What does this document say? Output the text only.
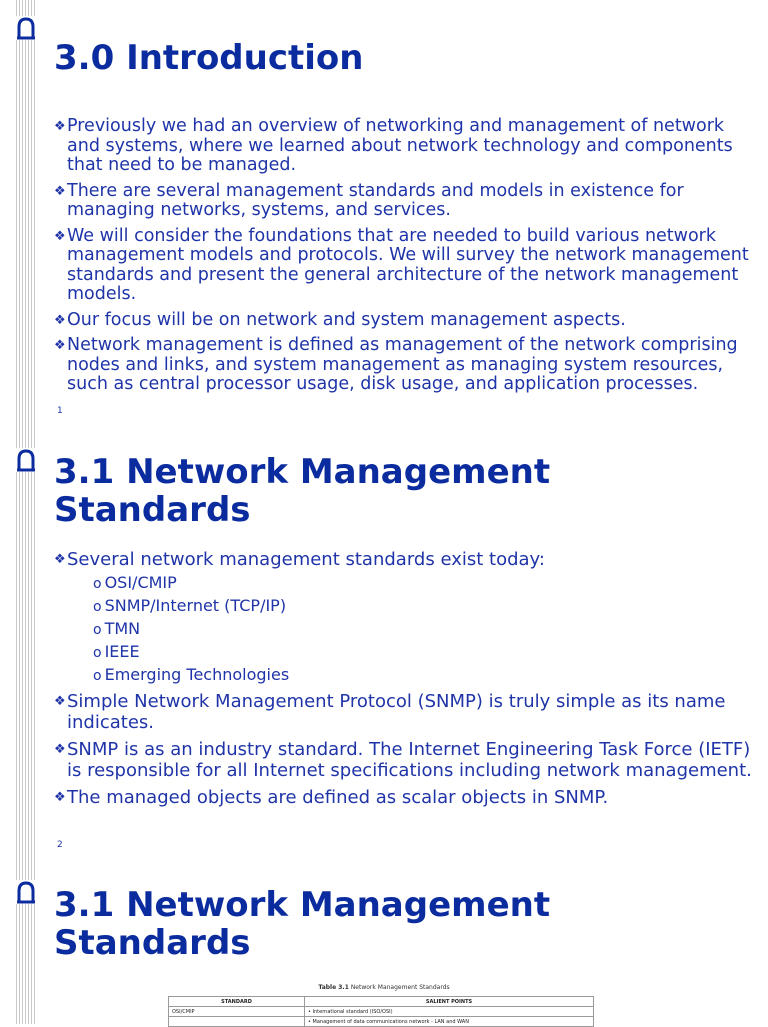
3.0 Introduction
❖ Previously we had an overview of networking and management of network and systems, where we learned about network technology and components that need to be managed.
❖ There are several management standards and models in existence for managing networks, systems, and services.
❖ We will consider the foundations that are needed to build various network management models and protocols. We will survey the network management standards and present the general architecture of the network management models.
❖ Our focus will be on network and system management aspects.
❖ Network management is defined as management of the network comprising nodes and links, and system management as managing system resources, such as central processor usage, disk usage, and application processes.
1
3.1 Network Management Standards
❖ Several network management standards exist today:
o OSI/CMIP
o SNMP/Internet (TCP/IP)
o TMN
o IEEE
o Emerging Technologies
❖ Simple Network Management Protocol (SNMP) is truly simple as its name indicates.
❖ SNMP is as an industry standard. The Internet Engineering Task Force (IETF) is responsible for all Internet specifications including network management.
❖ The managed objects are defined as scalar objects in SNMP.
2
3.1 Network Management Standards
Table 3.1 Network Management Standards
STANDARD	SALIENT POINTS
OSI/CMIP	• International standard (ISO/OSI)
	• Management of data communications network - LAN and WAN
